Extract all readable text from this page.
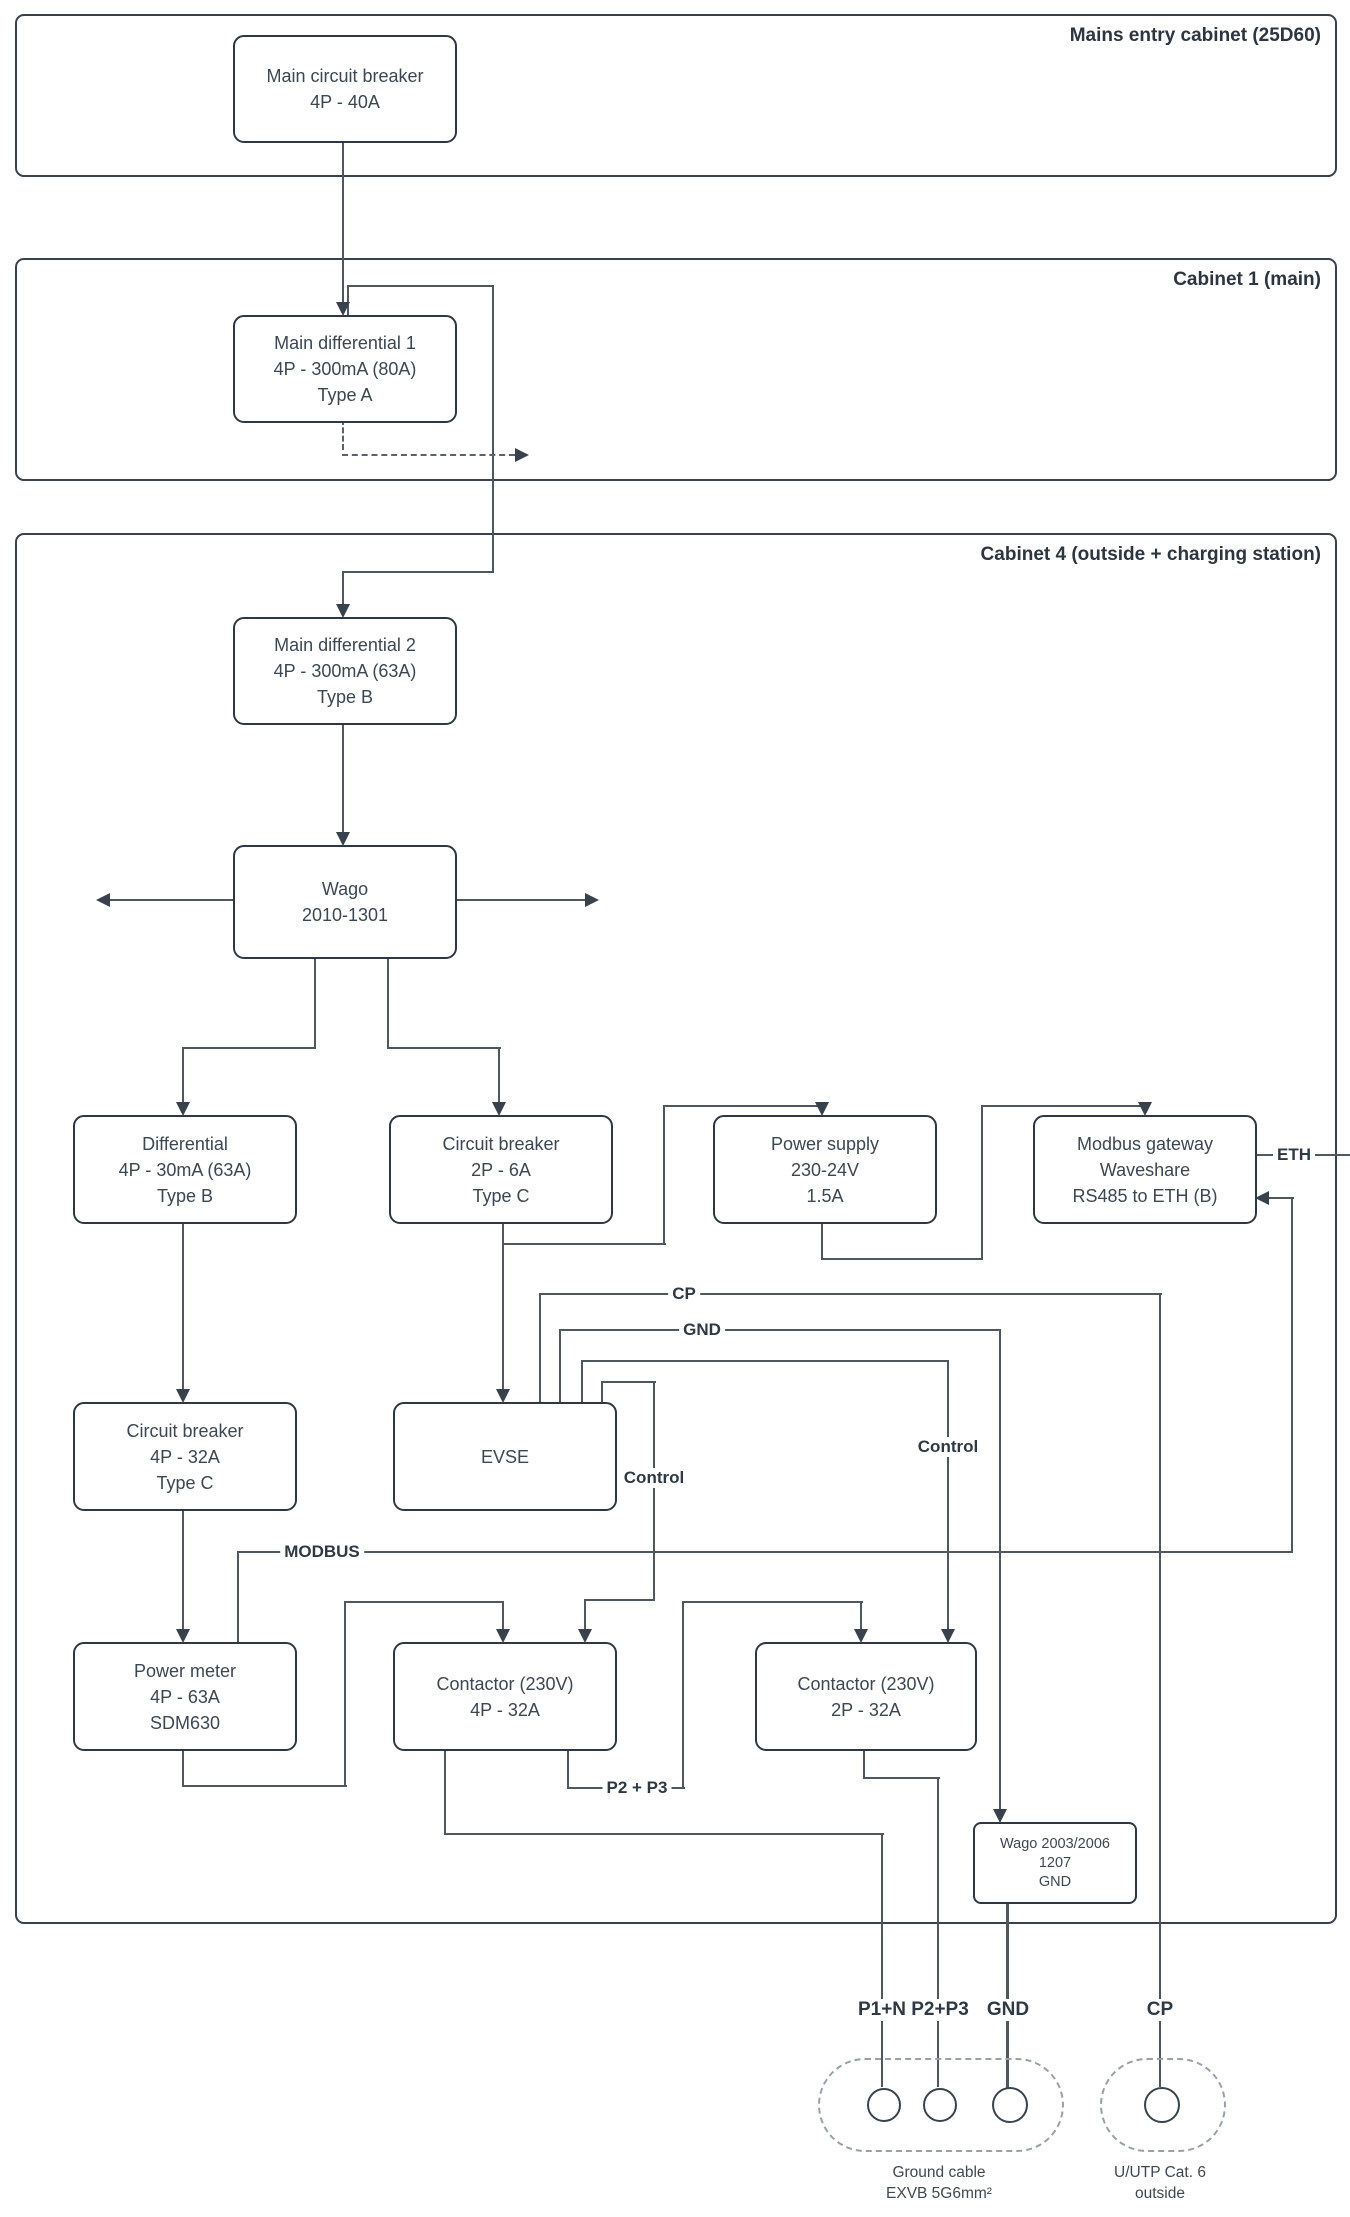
Mains entry cabinet (25D60)
Cabinet 1 (main)
Cabinet 4 (outside + charging station)
Main circuit breaker
4P - 40A
Main differential 1
4P - 300mA (80A)
Type A
Main differential 2
4P - 300mA (63A)
Type B
Wago
2010-1301
Differential
4P - 30mA (63A)
Type B
Circuit breaker
2P - 6A
Type C
Power supply
230-24V
1.5A
Modbus gateway
Waveshare
RS485 to ETH (B)
Circuit breaker
4P - 32A
Type C
EVSE
Power meter
4P - 63A
SDM630
Contactor (230V)
4P - 32A
Contactor (230V)
2P - 32A
Wago 2003/2006
1207
GND
ETH
MODBUS
CP
GND
Control
Control
P2 + P3
P1+N P2+P3 GND	CP
Ground cable
EXVB 5G6mm²
U/UTP Cat. 6
outside
